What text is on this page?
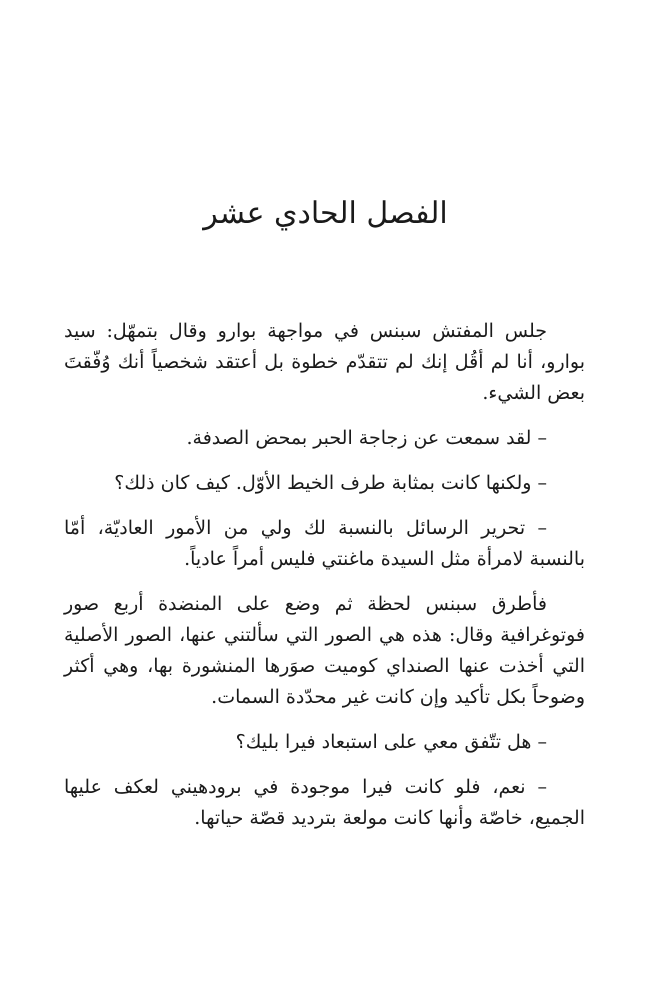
الفصل الحادي عشر

جلس المفتش سبنس في مواجهة بوارو وقال بتمهّل: سيد بوارو، أنا لم أقُل إنك لم تتقدّم خطوة بل أعتقد شخصياً أنك وُفّقتَ بعض الشيء.

– لقد سمعت عن زجاجة الحبر بمحض الصدفة.

– ولكنها كانت بمثابة طرف الخيط الأوّل. كيف كان ذلك؟

– تحرير الرسائل بالنسبة لك ولي من الأمور العاديّة، أمّا بالنسبة لامرأة مثل السيدة ماغنتي فليس أمراً عادياً.

فأطرق سبنس لحظة ثم وضع على المنضدة أربع صور فوتوغرافية وقال: هذه هي الصور التي سألتني عنها، الصور الأصلية التي أخذت عنها الصنداي كوميت صوَرها المنشورة بها، وهي أكثر وضوحاً بكل تأكيد وإن كانت غير محدّدة السمات.

– هل تتّفق معي على استبعاد فيرا بليك؟

– نعم، فلو كانت فيرا موجودة في برودهيني لعكف عليها الجميع، خاصّة وأنها كانت مولعة بترديد قصّة حياتها.
